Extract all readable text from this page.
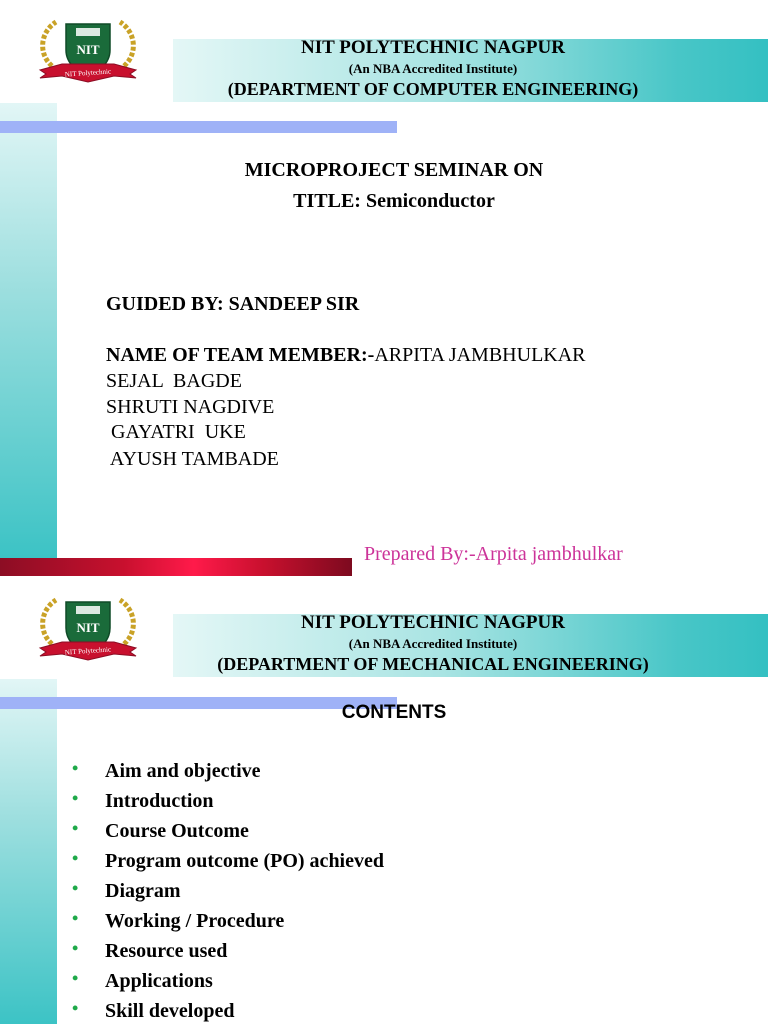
NIT
NIT Polytechnic
NIT POLYTECHNIC NAGPUR
(An NBA Accredited Institute)
(DEPARTMENT OF COMPUTER ENGINEERING)
MICROPROJECT SEMINAR ON
TITLE: Semiconductor
GUIDED BY: SANDEEP SIR
NAME OF TEAM MEMBER:-ARPITA JAMBHULKAR
SEJAL  BAGDE
SHRUTI NAGDIVE
GAYATRI  UKE
AYUSH TAMBADE
Prepared By:-Arpita jambhulkar
NIT
NIT Polytechnic
NIT POLYTECHNIC NAGPUR
(An NBA Accredited Institute)
(DEPARTMENT OF MECHANICAL ENGINEERING)
CONTENTS
•	Aim and objective
•	Introduction
•	Course Outcome
•	Program outcome (PO) achieved
•	Diagram
•	Working / Procedure
•	Resource used
•	Applications
•	Skill developed
